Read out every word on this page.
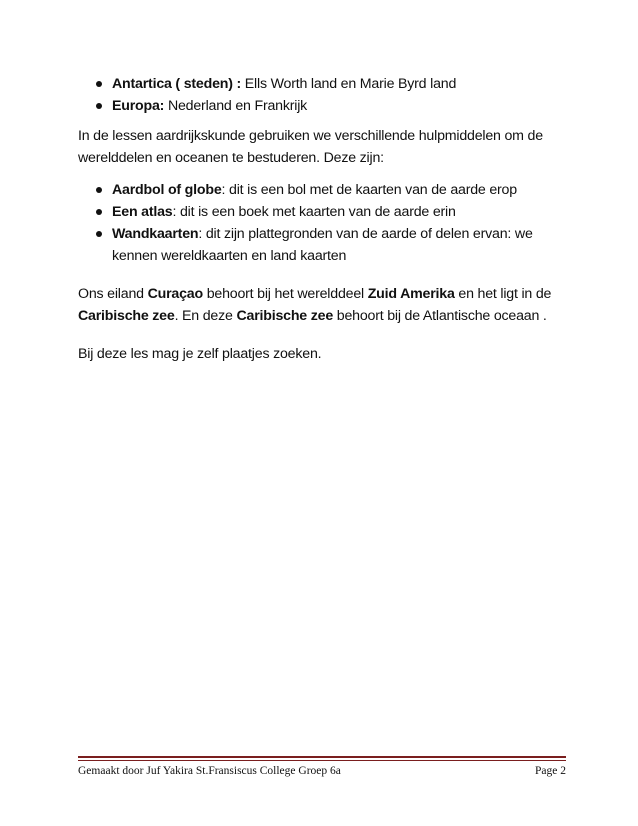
Antartica ( steden) : Ells Worth land en Marie Byrd land
Europa: Nederland en Frankrijk

In de lessen aardrijkskunde gebruiken we verschillende hulpmiddelen om de werelddelen en oceanen te bestuderen. Deze zijn:

Aardbol of globe: dit is een bol met de kaarten van de aarde erop
Een atlas: dit is een boek met kaarten van de aarde erin
Wandkaarten: dit zijn plattegronden van de aarde of delen ervan: we kennen wereldkaarten en land kaarten

Ons eiland Curaçao behoort bij het werelddeel Zuid Amerika en het ligt in de Caribische zee. En deze Caribische zee behoort bij de Atlantische oceaan .

Bij deze les mag je zelf plaatjes zoeken.

Gemaakt door Juf Yakira St.Fransiscus College Groep 6a	Page 2
